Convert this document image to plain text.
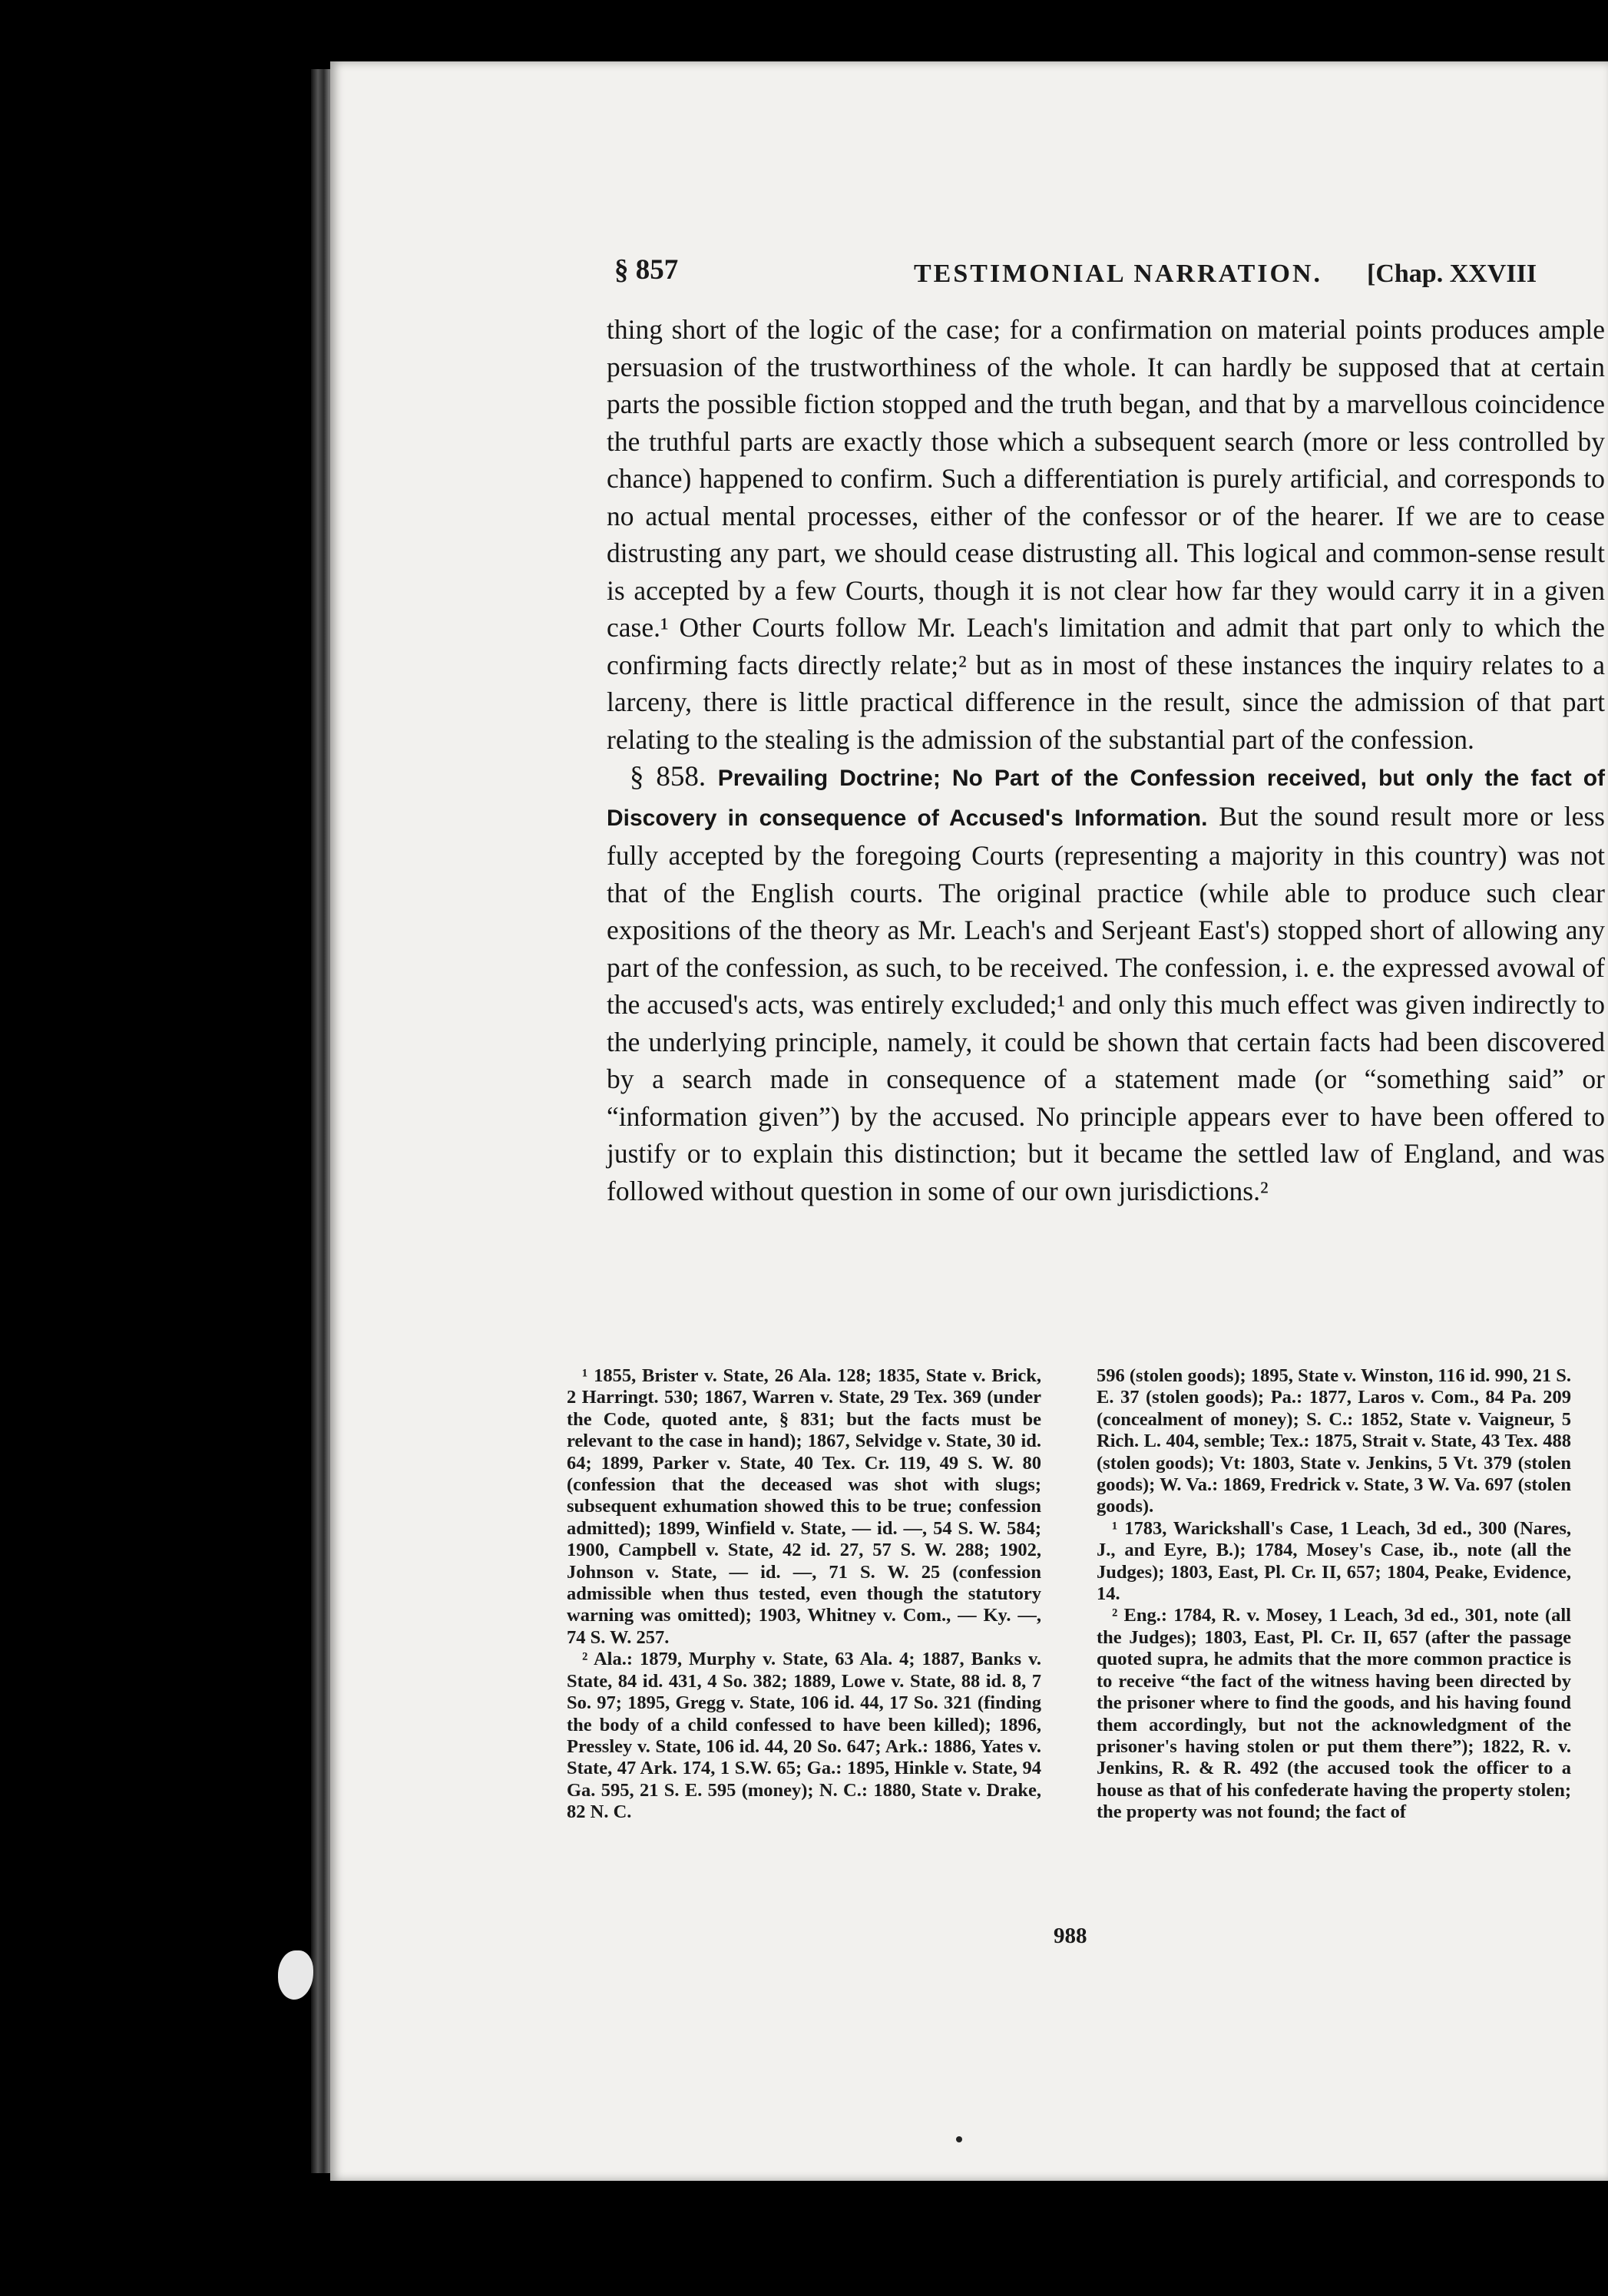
§ 857	TESTIMONIAL NARRATION. [Chap. XXVIII

thing short of the logic of the case; for a confirmation on material points produces ample persuasion of the trustworthiness of the whole. It can hardly be supposed that at certain parts the possible fiction stopped and the truth began, and that by a marvellous coincidence the truthful parts are exactly those which a subsequent search (more or less controlled by chance) happened to confirm. Such a differentiation is purely artificial, and corresponds to no actual mental processes, either of the confessor or of the hearer. If we are to cease distrusting any part, we should cease distrusting all. This logical and common-sense result is accepted by a few Courts, though it is not clear how far they would carry it in a given case.¹ Other Courts follow Mr. Leach's limitation and admit that part only to which the confirming facts directly relate;² but as in most of these instances the inquiry relates to a larceny, there is little practical difference in the result, since the admission of that part relating to the stealing is the admission of the substantial part of the confession.

§ 858. Prevailing Doctrine; No Part of the Confession received, but only the fact of Discovery in consequence of Accused's Information. But the sound result more or less fully accepted by the foregoing Courts (representing a majority in this country) was not that of the English courts. The original practice (while able to produce such clear expositions of the theory as Mr. Leach's and Serjeant East's) stopped short of allowing any part of the confession, as such, to be received. The confession, i. e. the expressed avowal of the accused's acts, was entirely excluded;¹ and only this much effect was given indirectly to the underlying principle, namely, it could be shown that certain facts had been discovered by a search made in consequence of a statement made (or “something said” or “information given”) by the accused. No principle appears ever to have been offered to justify or to explain this distinction; but it became the settled law of England, and was followed without question in some of our own jurisdictions.²

¹ 1855, Brister v. State, 26 Ala. 128; 1835, State v. Brick, 2 Harringt. 530; 1867, Warren v. State, 29 Tex. 369 (under the Code, quoted ante, § 831; but the facts must be relevant to the case in hand); 1867, Selvidge v. State, 30 id. 64; 1899, Parker v. State, 40 Tex. Cr. 119, 49 S. W. 80 (confession that the deceased was shot with slugs; subsequent exhumation showed this to be true; confession admitted); 1899, Winfield v. State, — id. —, 54 S. W. 584; 1900, Campbell v. State, 42 id. 27, 57 S. W. 288; 1902, Johnson v. State, — id. —, 71 S. W. 25 (confession admissible when thus tested, even though the statutory warning was omitted); 1903, Whitney v. Com., — Ky. —, 74 S. W. 257.

² Ala.: 1879, Murphy v. State, 63 Ala. 4; 1887, Banks v. State, 84 id. 431, 4 So. 382; 1889, Lowe v. State, 88 id. 8, 7 So. 97; 1895, Gregg v. State, 106 id. 44, 17 So. 321 (finding the body of a child confessed to have been killed); 1896, Pressley v. State, 106 id. 44, 20 So. 647; Ark.: 1886, Yates v. State, 47 Ark. 174, 1 S.W. 65; Ga.: 1895, Hinkle v. State, 94 Ga. 595, 21 S. E. 595 (money); N. C.: 1880, State v. Drake, 82 N. C.

596 (stolen goods); 1895, State v. Winston, 116 id. 990, 21 S. E. 37 (stolen goods); Pa.: 1877, Laros v. Com., 84 Pa. 209 (concealment of money); S. C.: 1852, State v. Vaigneur, 5 Rich. L. 404, semble; Tex.: 1875, Strait v. State, 43 Tex. 488 (stolen goods); Vt: 1803, State v. Jenkins, 5 Vt. 379 (stolen goods); W. Va.: 1869, Fredrick v. State, 3 W. Va. 697 (stolen goods).

¹ 1783, Warickshall's Case, 1 Leach, 3d ed., 300 (Nares, J., and Eyre, B.); 1784, Mosey's Case, ib., note (all the Judges); 1803, East, Pl. Cr. II, 657; 1804, Peake, Evidence, 14.

² Eng.: 1784, R. v. Mosey, 1 Leach, 3d ed., 301, note (all the Judges); 1803, East, Pl. Cr. II, 657 (after the passage quoted supra, he admits that the more common practice is to receive “the fact of the witness having been directed by the prisoner where to find the goods, and his having found them accordingly, but not the acknowledgment of the prisoner's having stolen or put them there”); 1822, R. v. Jenkins, R. & R. 492 (the accused took the officer to a house as that of his confederate having the property stolen; the property was not found; the fact of

988
